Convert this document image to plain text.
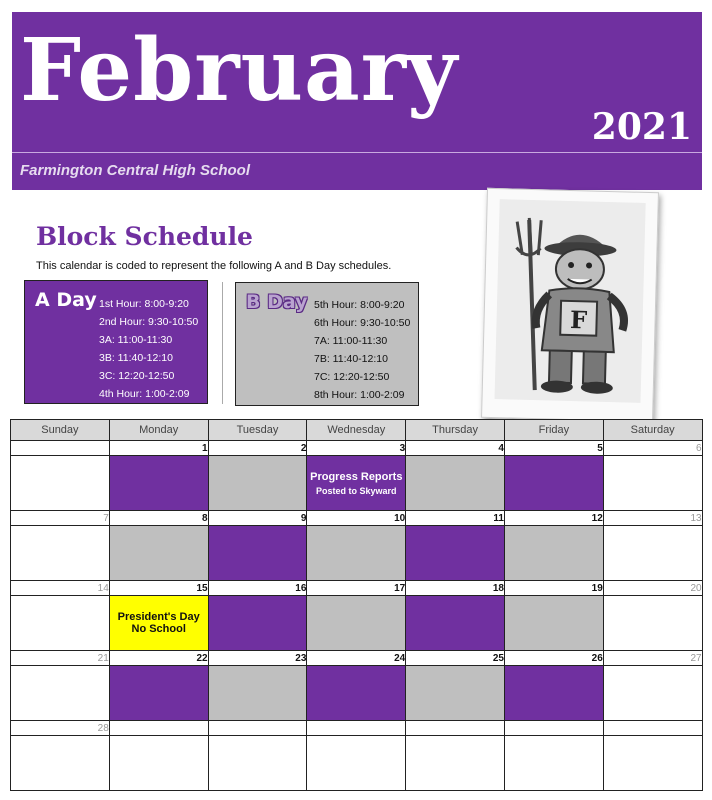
February
2021
Farmington Central High School
Block Schedule
This calendar is coded to represent the following A and B Day schedules.
A Day 1st Hour: 8:00-9:20
2nd Hour: 9:30-10:50
3A: 11:00-11:30
3B: 11:40-12:10
3C: 12:20-12:50
4th Hour: 1:00-2:09
B Day 5th Hour: 8:00-9:20
6th Hour: 9:30-10:50
7A: 11:00-11:30
7B: 11:40-12:10
7C: 12:20-12:50
8th Hour: 1:00-2:09
F
Sunday	Monday	Tuesday	Wednesday	Thursday	Friday	Saturday
	1	2	3	4	5	6

			Progress Reports
Posted to Skyward			

7	8	9	10	11	12	13

14	15	16	17	18	19	20

	President's Day
No School					

21	22	23	24	25	26	27

28						
